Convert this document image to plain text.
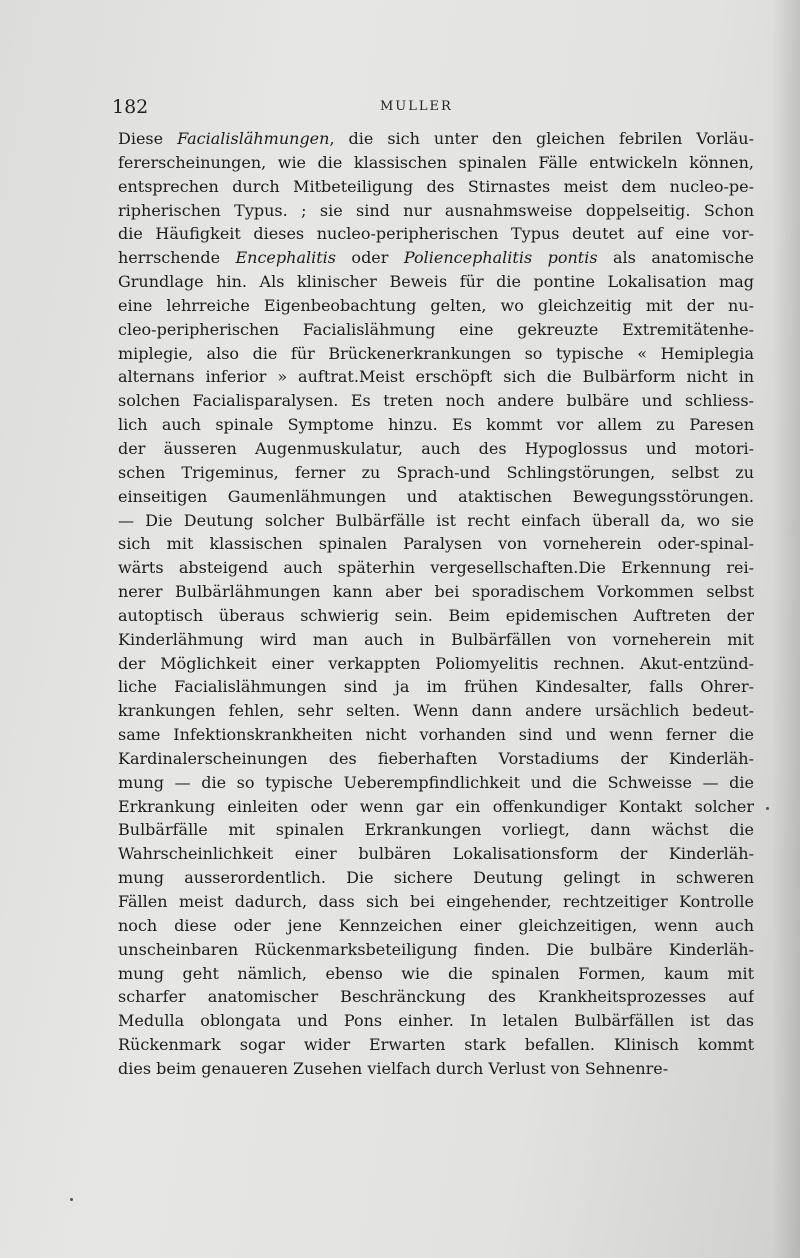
182	MULLER
Diese Facialislähmungen, die sich unter den gleichen febrilen Vorläu-
fererscheinungen, wie die klassischen spinalen Fälle entwickeln können,
entsprechen durch Mitbeteiligung des Stirnastes meist dem nucleo-pe-
ripherischen Typus. ; sie sind nur ausnahmsweise doppelseitig. Schon
die Häufigkeit dieses nucleo-peripherischen Typus deutet auf eine vor-
herrschende Encephalitis oder Poliencephalitis pontis als anatomische
Grundlage hin. Als klinischer Beweis für die pontine Lokalisation mag
eine lehrreiche Eigenbeobachtung gelten, wo gleichzeitig mit der nu-
cleo-peripherischen Facialislähmung eine gekreuzte Extremitätenhe-
miplegie, also die für Brückenerkrankungen so typische « Hemiplegia
alternans inferior » auftrat.Meist erschöpft sich die Bulbärform nicht in
solchen Facialisparalysen. Es treten noch andere bulbäre und schliess-
lich auch spinale Symptome hinzu. Es kommt vor allem zu Paresen
der äusseren Augenmuskulatur, auch des Hypoglossus und motori-
schen Trigeminus, ferner zu Sprach-und Schlingstörungen, selbst zu
einseitigen Gaumenlähmungen und ataktischen Bewegungsstörungen.
— Die Deutung solcher Bulbärfälle ist recht einfach überall da, wo sie
sich mit klassischen spinalen Paralysen von vorneherein oder-spinal-
wärts absteigend auch späterhin vergesellschaften.Die Erkennung rei-
nerer Bulbärlähmungen kann aber bei sporadischem Vorkommen selbst
autoptisch überaus schwierig sein. Beim epidemischen Auftreten der
Kinderlähmung wird man auch in Bulbärfällen von vorneherein mit
der Möglichkeit einer verkappten Poliomyelitis rechnen. Akut-entzünd-
liche Facialislähmungen sind ja im frühen Kindesalter, falls Ohrer-
krankungen fehlen, sehr selten. Wenn dann andere ursächlich bedeut-
same Infektionskrankheiten nicht vorhanden sind und wenn ferner die
Kardinalerscheinungen des fieberhaften Vorstadiums der Kinderläh-
mung — die so typische Ueberempfindlichkeit und die Schweisse — die
Erkrankung einleiten oder wenn gar ein offenkundiger Kontakt solcher
Bulbärfälle mit spinalen Erkrankungen vorliegt, dann wächst die
Wahrscheinlichkeit einer bulbären Lokalisationsform der Kinderläh-
mung ausserordentlich. Die sichere Deutung gelingt in schweren
Fällen meist dadurch, dass sich bei eingehender, rechtzeitiger Kontrolle
noch diese oder jene Kennzeichen einer gleichzeitigen, wenn auch
unscheinbaren Rückenmarksbeteiligung finden. Die bulbäre Kinderläh-
mung geht nämlich, ebenso wie die spinalen Formen, kaum mit
scharfer anatomischer Beschränckung des Krankheitsprozesses auf
Medulla oblongata und Pons einher. In letalen Bulbärfällen ist das
Rückenmark sogar wider Erwarten stark befallen. Klinisch kommt
dies beim genaueren Zusehen vielfach durch Verlust von Sehnenre-
